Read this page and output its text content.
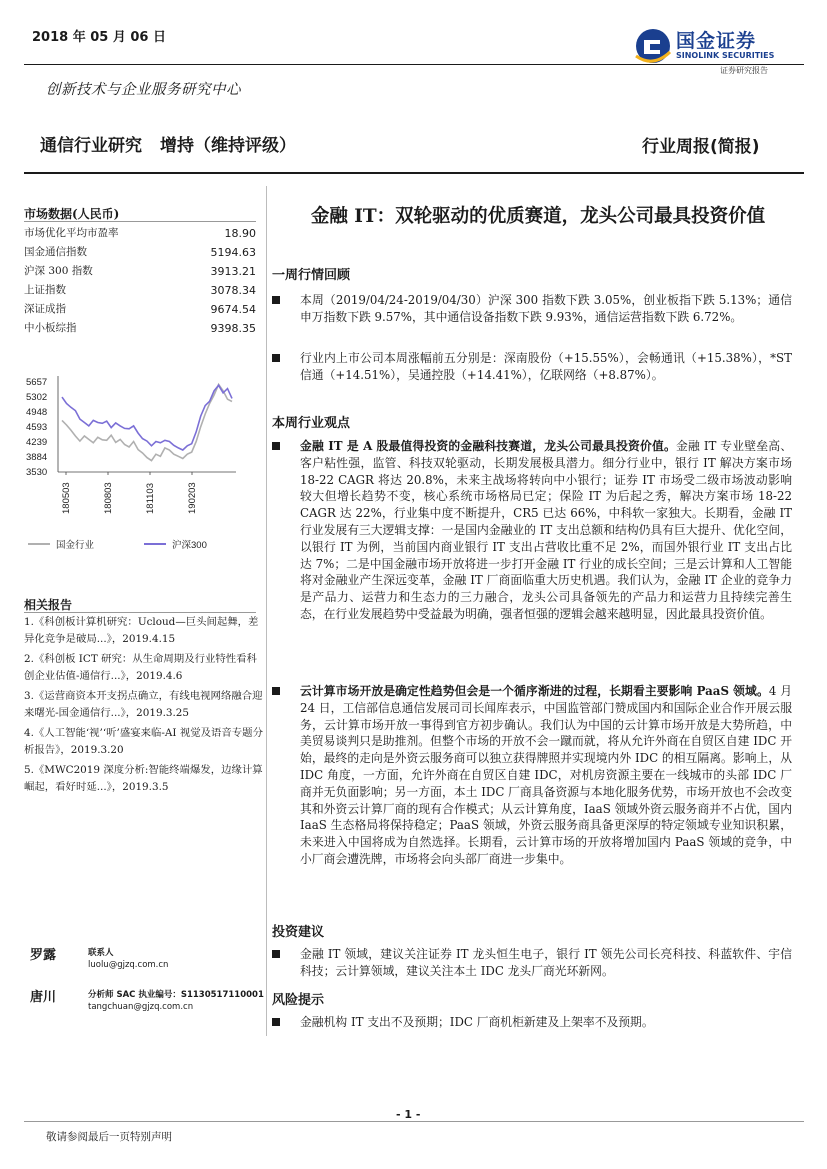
2018 年 05 月 06 日	国金证券
SINOLINK SECURITIES
证券研究报告
创新技术与企业服务研究中心
通信行业研究 增持（维持评级）	行业周报(简报)
市场数据(人民币)
市场优化平均市盈率	18.90
国金通信指数	5194.63
沪深 300 指数	3913.21
上证指数	3078.34
深证成指	9674.54
中小板综指	9398.35
5657
5302
4948
4593
4239
3884
3530
180503	180803	181103	190203
国金行业	沪深300
相关报告
1.《科创板计算机研究：Ucloud—巨头间起舞，差异化竞争是破局...》，2019.4.15
2.《科创板 ICT 研究：从生命周期及行业特性看科创企业估值-通信行...》，2019.4.6
3.《运营商资本开支拐点确立，有线电视网络融合迎来曙光-国金通信行...》，2019.3.25
4.《人工智能‘视’‘听’盛宴来临-AI 视觉及语音专题分析报告》，2019.3.20
5.《MWC2019 深度分析:智能终端爆发，边缘计算崛起，看好时延...》，2019.3.5
罗露	联系人
luolu@gjzq.com.cn
唐川	分析师 SAC 执业编号：S1130517110001
tangchuan@gjzq.com.cn
金融 IT：双轮驱动的优质赛道，龙头公司最具投资价值
一周行情回顾
本周（2019/04/24-2019/04/30）沪深 300 指数下跌 3.05%，创业板指下跌 5.13%；通信申万指数下跌 9.57%，其中通信设备指数下跌 9.93%，通信运营指数下跌 6.72%。
行业内上市公司本周涨幅前五分别是：深南股份（+15.55%），会畅通讯（+15.38%），*ST 信通（+14.51%），吴通控股（+14.41%），亿联网络（+8.87%）。
本周行业观点
金融 IT 是 A 股最值得投资的金融科技赛道，龙头公司最具投资价值。金融 IT 专业壁垒高、客户粘性强，监管、科技双轮驱动，长期发展极具潜力。细分行业中，银行 IT 解决方案市场 18-22 CAGR 将达 20.8%，未来主战场将转向中小银行；证券 IT 市场受二级市场波动影响较大但增长趋势不变，核心系统市场格局已定；保险 IT 为后起之秀，解决方案市场 18-22 CAGR 达 22%，行业集中度不断提升，CR5 已达 66%，中科软一家独大。长期看，金融 IT 行业发展有三大逻辑支撑：一是国内金融业的 IT 支出总额和结构仍具有巨大提升、优化空间，以银行 IT 为例，当前国内商业银行 IT 支出占营收比重不足 2%，而国外银行业 IT 支出占比达 7%；二是中国金融市场开放将进一步打开金融 IT 行业的成长空间；三是云计算和人工智能将对金融业产生深远变革，金融 IT 厂商面临重大历史机遇。我们认为，金融 IT 企业的竞争力是产品力、运营力和生态力的三力融合，龙头公司具备领先的产品力和运营力且持续完善生态，在行业发展趋势中受益最为明确，强者恒强的逻辑会越来越明显，因此最具投资价值。
云计算市场开放是确定性趋势但会是一个循序渐进的过程，长期看主要影响 PaaS 领域。4 月 24 日，工信部信息通信发展司司长闻库表示，中国监管部门赞成国内和国际企业合作开展云服务，云计算市场开放一事得到官方初步确认。我们认为中国的云计算市场开放是大势所趋，中美贸易谈判只是助推剂。但整个市场的开放不会一蹴而就，将从允许外商在自贸区自建 IDC 开始，最终的走向是外资云服务商可以独立获得牌照并实现境内外 IDC 的相互隔离。影响上，从 IDC 角度，一方面，允许外商在自贸区自建 IDC，对机房资源主要在一线城市的头部 IDC 厂商并无负面影响；另一方面，本土 IDC 厂商具备资源与本地化服务优势，市场开放也不会改变其和外资云计算厂商的现有合作模式；从云计算角度，IaaS 领域外资云服务商并不占优，国内 IaaS 生态格局将保持稳定；PaaS 领域，外资云服务商具备更深厚的特定领域专业知识积累，未来进入中国将成为自然选择。长期看，云计算市场的开放将增加国内 PaaS 领域的竞争，中小厂商会遭洗牌，市场将会向头部厂商进一步集中。
投资建议
金融 IT 领域，建议关注证券 IT 龙头恒生电子，银行 IT 领先公司长亮科技、科蓝软件、宇信科技；云计算领域，建议关注本土 IDC 龙头厂商光环新网。
风险提示
金融机构 IT 支出不及预期；IDC 厂商机柜新建及上架率不及预期。
- 1 -
敬请参阅最后一页特别声明
